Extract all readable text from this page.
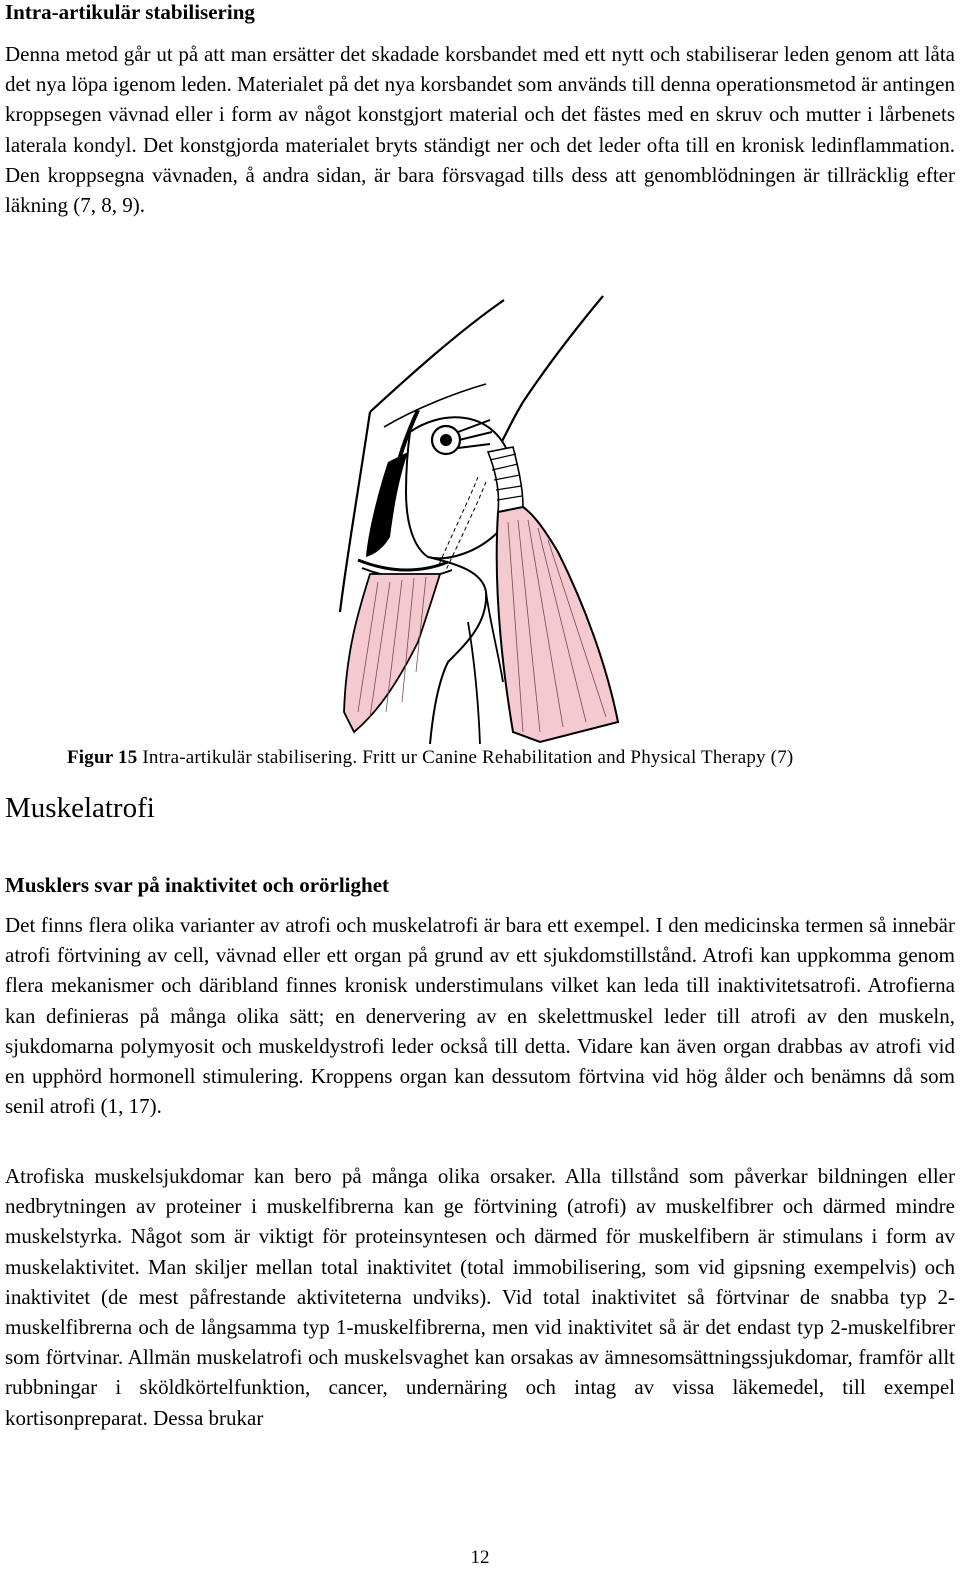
Intra-artikulär stabilisering

Denna metod går ut på att man ersätter det skadade korsbandet med ett nytt och stabiliserar leden genom att låta det nya löpa igenom leden. Materialet på det nya korsbandet som används till denna operationsmetod är antingen kroppsegen vävnad eller i form av något konstgjort material och det fästes med en skruv och mutter i lårbenets laterala kondyl. Det konstgjorda materialet bryts ständigt ner och det leder ofta till en kronisk ledinflammation. Den kroppsegna vävnaden, å andra sidan, är bara försvagad tills dess att genomblödningen är tillräcklig efter läkning (7, 8, 9).

Figur 15 Intra-artikulär stabilisering. Fritt ur Canine Rehabilitation and Physical Therapy (7)
Muskelatrofi
Musklers svar på inaktivitet och orörlighet

Det finns flera olika varianter av atrofi och muskelatrofi är bara ett exempel. I den medicinska termen så innebär atrofi förtvining av cell, vävnad eller ett organ på grund av ett sjukdomstillstånd. Atrofi kan uppkomma genom flera mekanismer och däribland finnes kronisk understimulans vilket kan leda till inaktivitetsatrofi. Atrofierna kan definieras på många olika sätt; en denervering av en skelettmuskel leder till atrofi av den muskeln, sjukdomarna polymyosit och muskeldystrofi leder också till detta. Vidare kan även organ drabbas av atrofi vid en upphörd hormonell stimulering. Kroppens organ kan dessutom förtvina vid hög ålder och benämns då som senil atrofi (1, 17).

Atrofiska muskelsjukdomar kan bero på många olika orsaker. Alla tillstånd som påverkar bildningen eller nedbrytningen av proteiner i muskelfibrerna kan ge förtvining (atrofi) av muskelfibrer och därmed mindre muskelstyrka. Något som är viktigt för proteinsyntesen och därmed för muskelfibern är stimulans i form av muskelaktivitet. Man skiljer mellan total inaktivitet (total immobilisering, som vid gipsning exempelvis) och inaktivitet (de mest påfrestande aktiviteterna undviks). Vid total inaktivitet så förtvinar de snabba typ 2-muskelfibrerna och de långsamma typ 1-muskelfibrerna, men vid inaktivitet så är det endast typ 2-muskelfibrer som förtvinar. Allmän muskelatrofi och muskelsvaghet kan orsakas av ämnesomsättningssjukdomar, framför allt rubbningar i sköldkörtelfunktion, cancer, undernäring och intag av vissa läkemedel, till exempel kortisonpreparat. Dessa brukar

12
